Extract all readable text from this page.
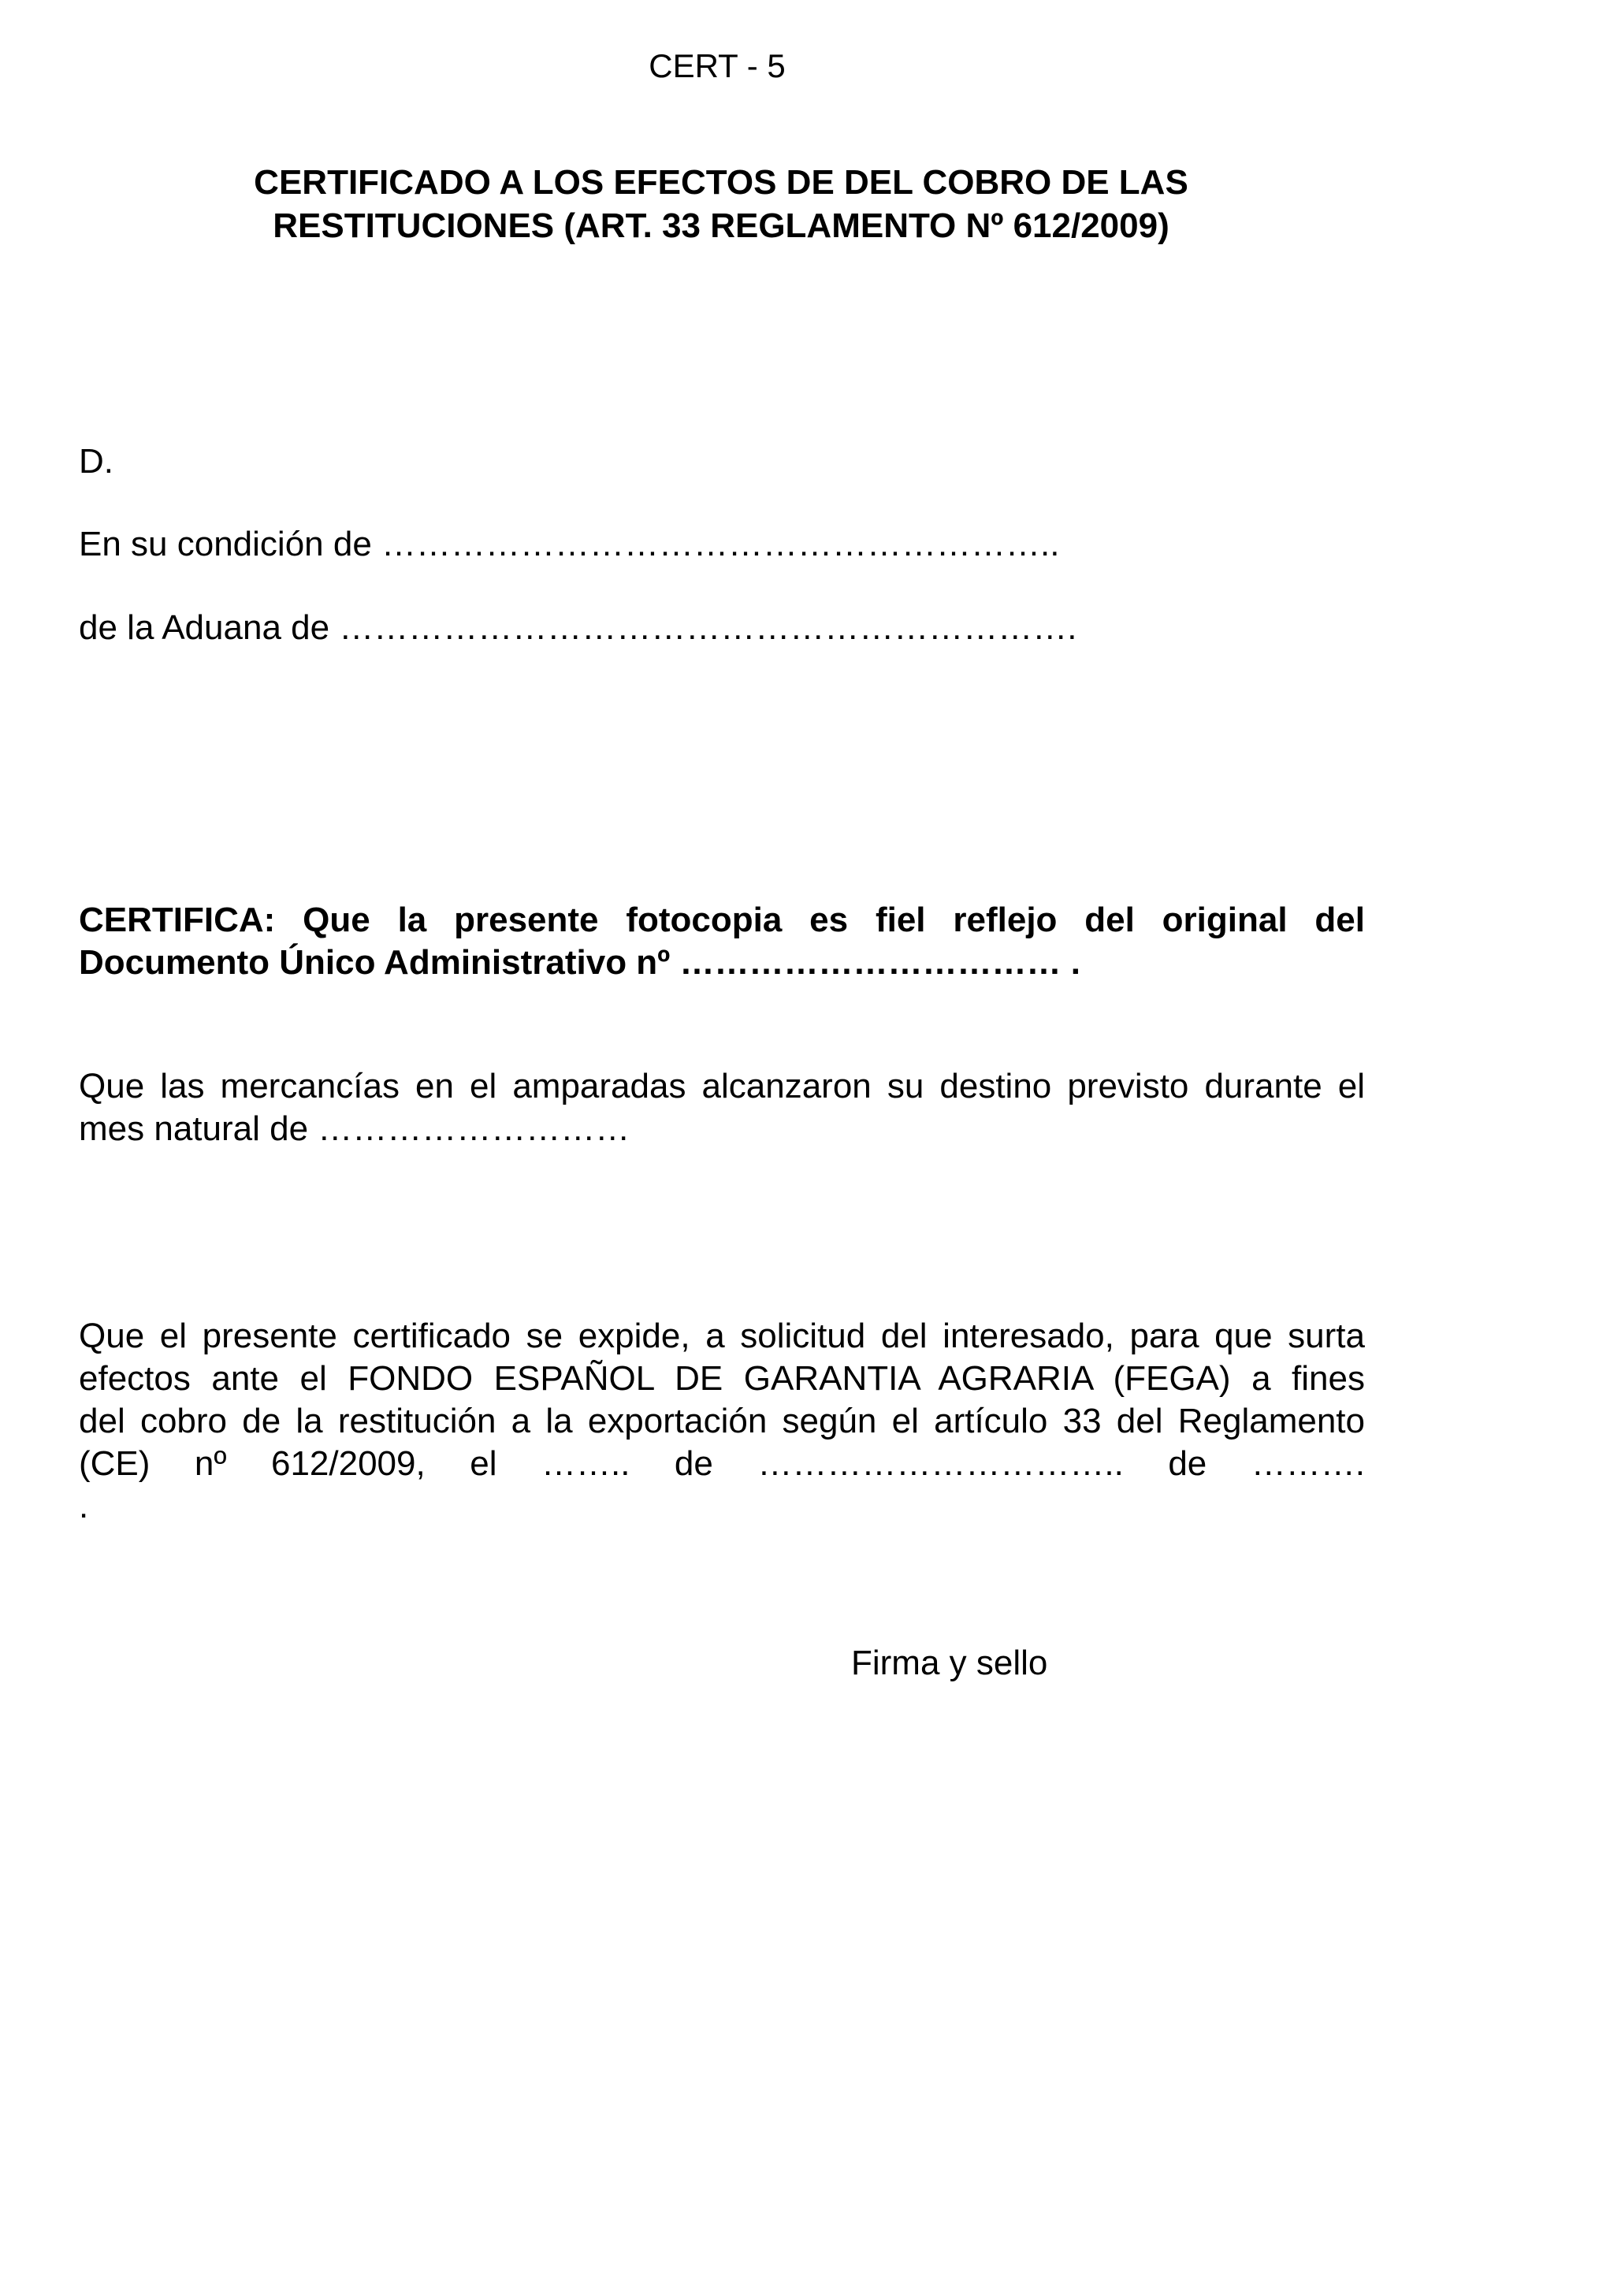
CERT - 5

CERTIFICADO A LOS EFECTOS DE DEL COBRO DE LAS
RESTITUCIONES (ART. 33 REGLAMENTO Nº 612/2009)

D.

En su condición de …………………………………………………..

de la Aduana de ……………………………………………………….

CERTIFICA: Que la presente fotocopia es fiel reflejo del original del
Documento Único Administrativo nº …………………………… .
Que las mercancías en el amparadas alcanzaron su destino previsto durante el
mes natural de ………………………
Que el presente certificado se expide, a solicitud del interesado, para que surta
efectos ante el FONDO ESPAÑOL DE GARANTIA AGRARIA (FEGA) a fines
del cobro de la restitución a la exportación según el artículo 33 del Reglamento
(CE) nº 612/2009, el …….. de ………………………….. de ……….
.

Firma y sello
